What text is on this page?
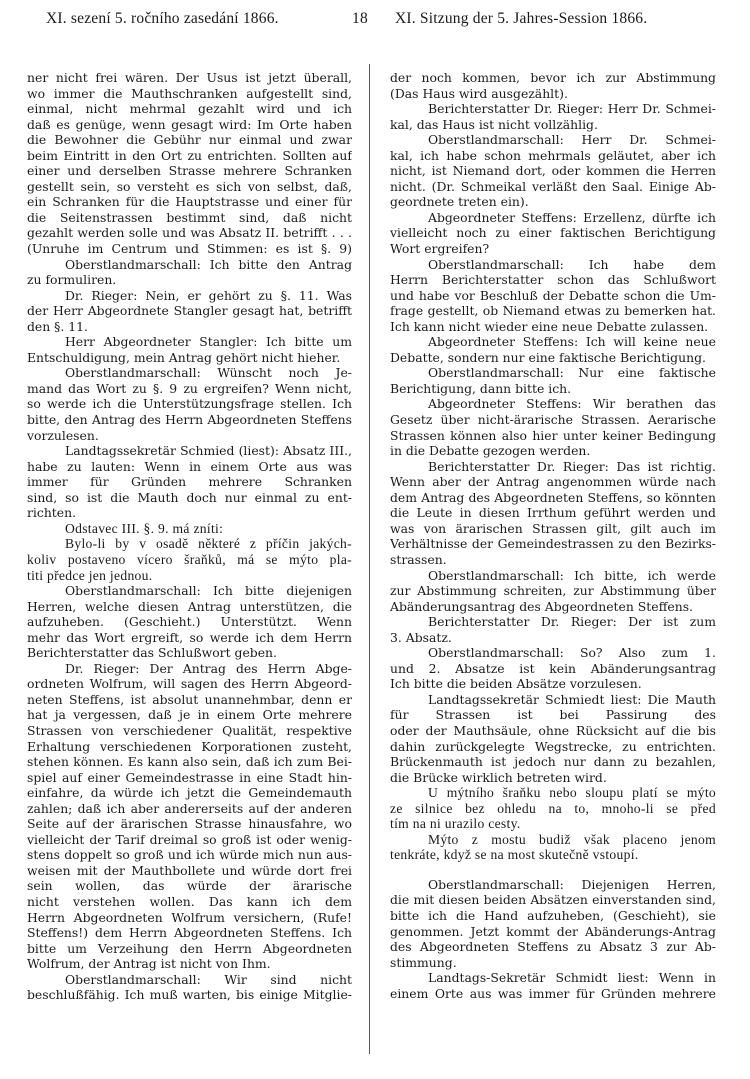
XI. sezení 5. ročního zasedání 1866.	18 XI. Sitzung der 5. Jahres-Session 1866.
ner nicht frei wären. Der Usus ist jetzt überall,
wo immer die Mauthschranken aufgestellt sind,
einmal, nicht mehrmal gezahlt wird und ich
daß es genüge, wenn gesagt wird: Im Orte haben
die Bewohner die Gebühr nur einmal und zwar
beim Eintritt in den Ort zu entrichten. Sollten auf
einer und derselben Strasse mehrere Schranken
gestellt sein, so versteht es sich von selbst, daß,
ein Schranken für die Hauptstrasse und einer für
die Seitenstrassen bestimmt sind, daß nicht
gezahlt werden solle und was Absatz II. betrifft . . .
(Unruhe im Centrum und Stimmen: es ist §. 9)
Oberstlandmarschall: Ich bitte den Antrag
zu formuliren.
Dr. Rieger: Nein, er gehört zu §. 11. Was
der Herr Abgeordnete Stangler gesagt hat, betrifft
den §. 11.
Herr Abgeordneter Stangler: Ich bitte um
Entschuldigung, mein Antrag gehört nicht hieher.
Oberstlandmarschall: Wünscht noch Je-
mand das Wort zu §. 9 zu ergreifen? Wenn nicht,
so werde ich die Unterstützungsfrage stellen. Ich
bitte, den Antrag des Herrn Abgeordneten Steffens
vorzulesen.
Landtagssekretär Schmied (liest): Absatz III.,
habe zu lauten: Wenn in einem Orte aus was
immer für Gründen mehrere Schranken
sind, so ist die Mauth doch nur einmal zu ent-
richten.
Odstavec III. §. 9. má zníti:
Bylo-li by v osadě některé z příčin jakých-
koliv postaveno vícero šraňků, má se mýto pla-
titi předce jen jednou.
Oberstlandmarschall: Ich bitte diejenigen
Herren, welche diesen Antrag unterstützen, die
aufzuheben. (Geschieht.) Unterstützt. Wenn
mehr das Wort ergreift, so werde ich dem Herrn
Berichterstatter das Schlußwort geben.
Dr. Rieger: Der Antrag des Herrn Abge-
ordneten Wolfrum, will sagen des Herrn Abgeord-
neten Steffens, ist absolut unannehmbar, denn er
hat ja vergessen, daß je in einem Orte mehrere
Strassen von verschiedener Qualität, respektive
Erhaltung verschiedenen Korporationen zusteht,
stehen können. Es kann also sein, daß ich zum Bei-
spiel auf einer Gemeindestrasse in eine Stadt hin-
einfahre, da würde ich jetzt die Gemeindemauth
zahlen; daß ich aber andererseits auf der anderen
Seite auf der ärarischen Strasse hinausfahre, wo
vielleicht der Tarif dreimal so groß ist oder wenig-
stens doppelt so groß und ich würde mich nun aus-
weisen mit der Mauthbollete und würde dort frei
sein wollen, das würde der ärarische
nicht verstehen wollen. Das kann ich dem
Herrn Abgeordneten Wolfrum versichern, (Rufe!
Steffens!) dem Herrn Abgeordneten Steffens. Ich
bitte um Verzeihung den Herrn Abgeordneten
Wolfrum, der Antrag ist nicht von Ihm.
Oberstlandmarschall: Wir sind nicht
beschlußfähig. Ich muß warten, bis einige Mitglie-
der noch kommen, bevor ich zur Abstimmung
(Das Haus wird ausgezählt).
Berichterstatter Dr. Rieger: Herr Dr. Schmei-
kal, das Haus ist nicht vollzählig.
Oberstlandmarschall: Herr Dr. Schmei-
kal, ich habe schon mehrmals geläutet, aber ich
nicht, ist Niemand dort, oder kommen die Herren
nicht. (Dr. Schmeikal verläßt den Saal. Einige Ab-
geordnete treten ein).
Abgeordneter Steffens: Erzellenz, dürfte ich
vielleicht noch zu einer faktischen Berichtigung
Wort ergreifen?
Oberstlandmarschall: Ich habe dem
Herrn Berichterstatter schon das Schlußwort
und habe vor Beschluß der Debatte schon die Um-
frage gestellt, ob Niemand etwas zu bemerken hat.
Ich kann nicht wieder eine neue Debatte zulassen.
Abgeordneter Steffens: Ich will keine neue
Debatte, sondern nur eine faktische Berichtigung.
Oberstlandmarschall: Nur eine faktische
Berichtigung, dann bitte ich.
Abgeordneter Steffens: Wir berathen das
Gesetz über nicht-ärarische Strassen. Aerarische
Strassen können also hier unter keiner Bedingung
in die Debatte gezogen werden.
Berichterstatter Dr. Rieger: Das ist richtig.
Wenn aber der Antrag angenommen würde nach
dem Antrag des Abgeordneten Steffens, so könnten
die Leute in diesen Irrthum geführt werden und
was von ärarischen Strassen gilt, gilt auch im
Verhältnisse der Gemeindestrassen zu den Bezirks-
strassen.
Oberstlandmarschall: Ich bitte, ich werde
zur Abstimmung schreiten, zur Abstimmung über
Abänderungsantrag des Abgeordneten Steffens.
Berichterstatter Dr. Rieger: Der ist zum
3. Absatz.
Oberstlandmarschall: So? Also zum 1.
und 2. Absatze ist kein Abänderungsantrag
Ich bitte die beiden Absätze vorzulesen.
Landtagssekretär Schmiedt liest: Die Mauth
für Strassen ist bei Passirung des
oder der Mauthsäule, ohne Rücksicht auf die bis
dahin zurückgelegte Wegstrecke, zu entrichten.
Brückenmauth ist jedoch nur dann zu bezahlen,
die Brücke wirklich betreten wird.
U mýtního šraňku nebo sloupu platí se mýto
ze silnice bez ohledu na to, mnoho-li se před
tím na ni urazilo cesty.
Mýto z mostu budiž však placeno jenom
tenkráte, když se na most skutečně vstoupí.
Oberstlandmarschall: Diejenigen Herren,
die mit diesen beiden Absätzen einverstanden sind,
bitte ich die Hand aufzuheben, (Geschieht), sie
genommen. Jetzt kommt der Abänderungs-Antrag
des Abgeordneten Steffens zu Absatz 3 zur Ab-
stimmung.
Landtags-Sekretär Schmidt liest: Wenn in
einem Orte aus was immer für Gründen mehrere
